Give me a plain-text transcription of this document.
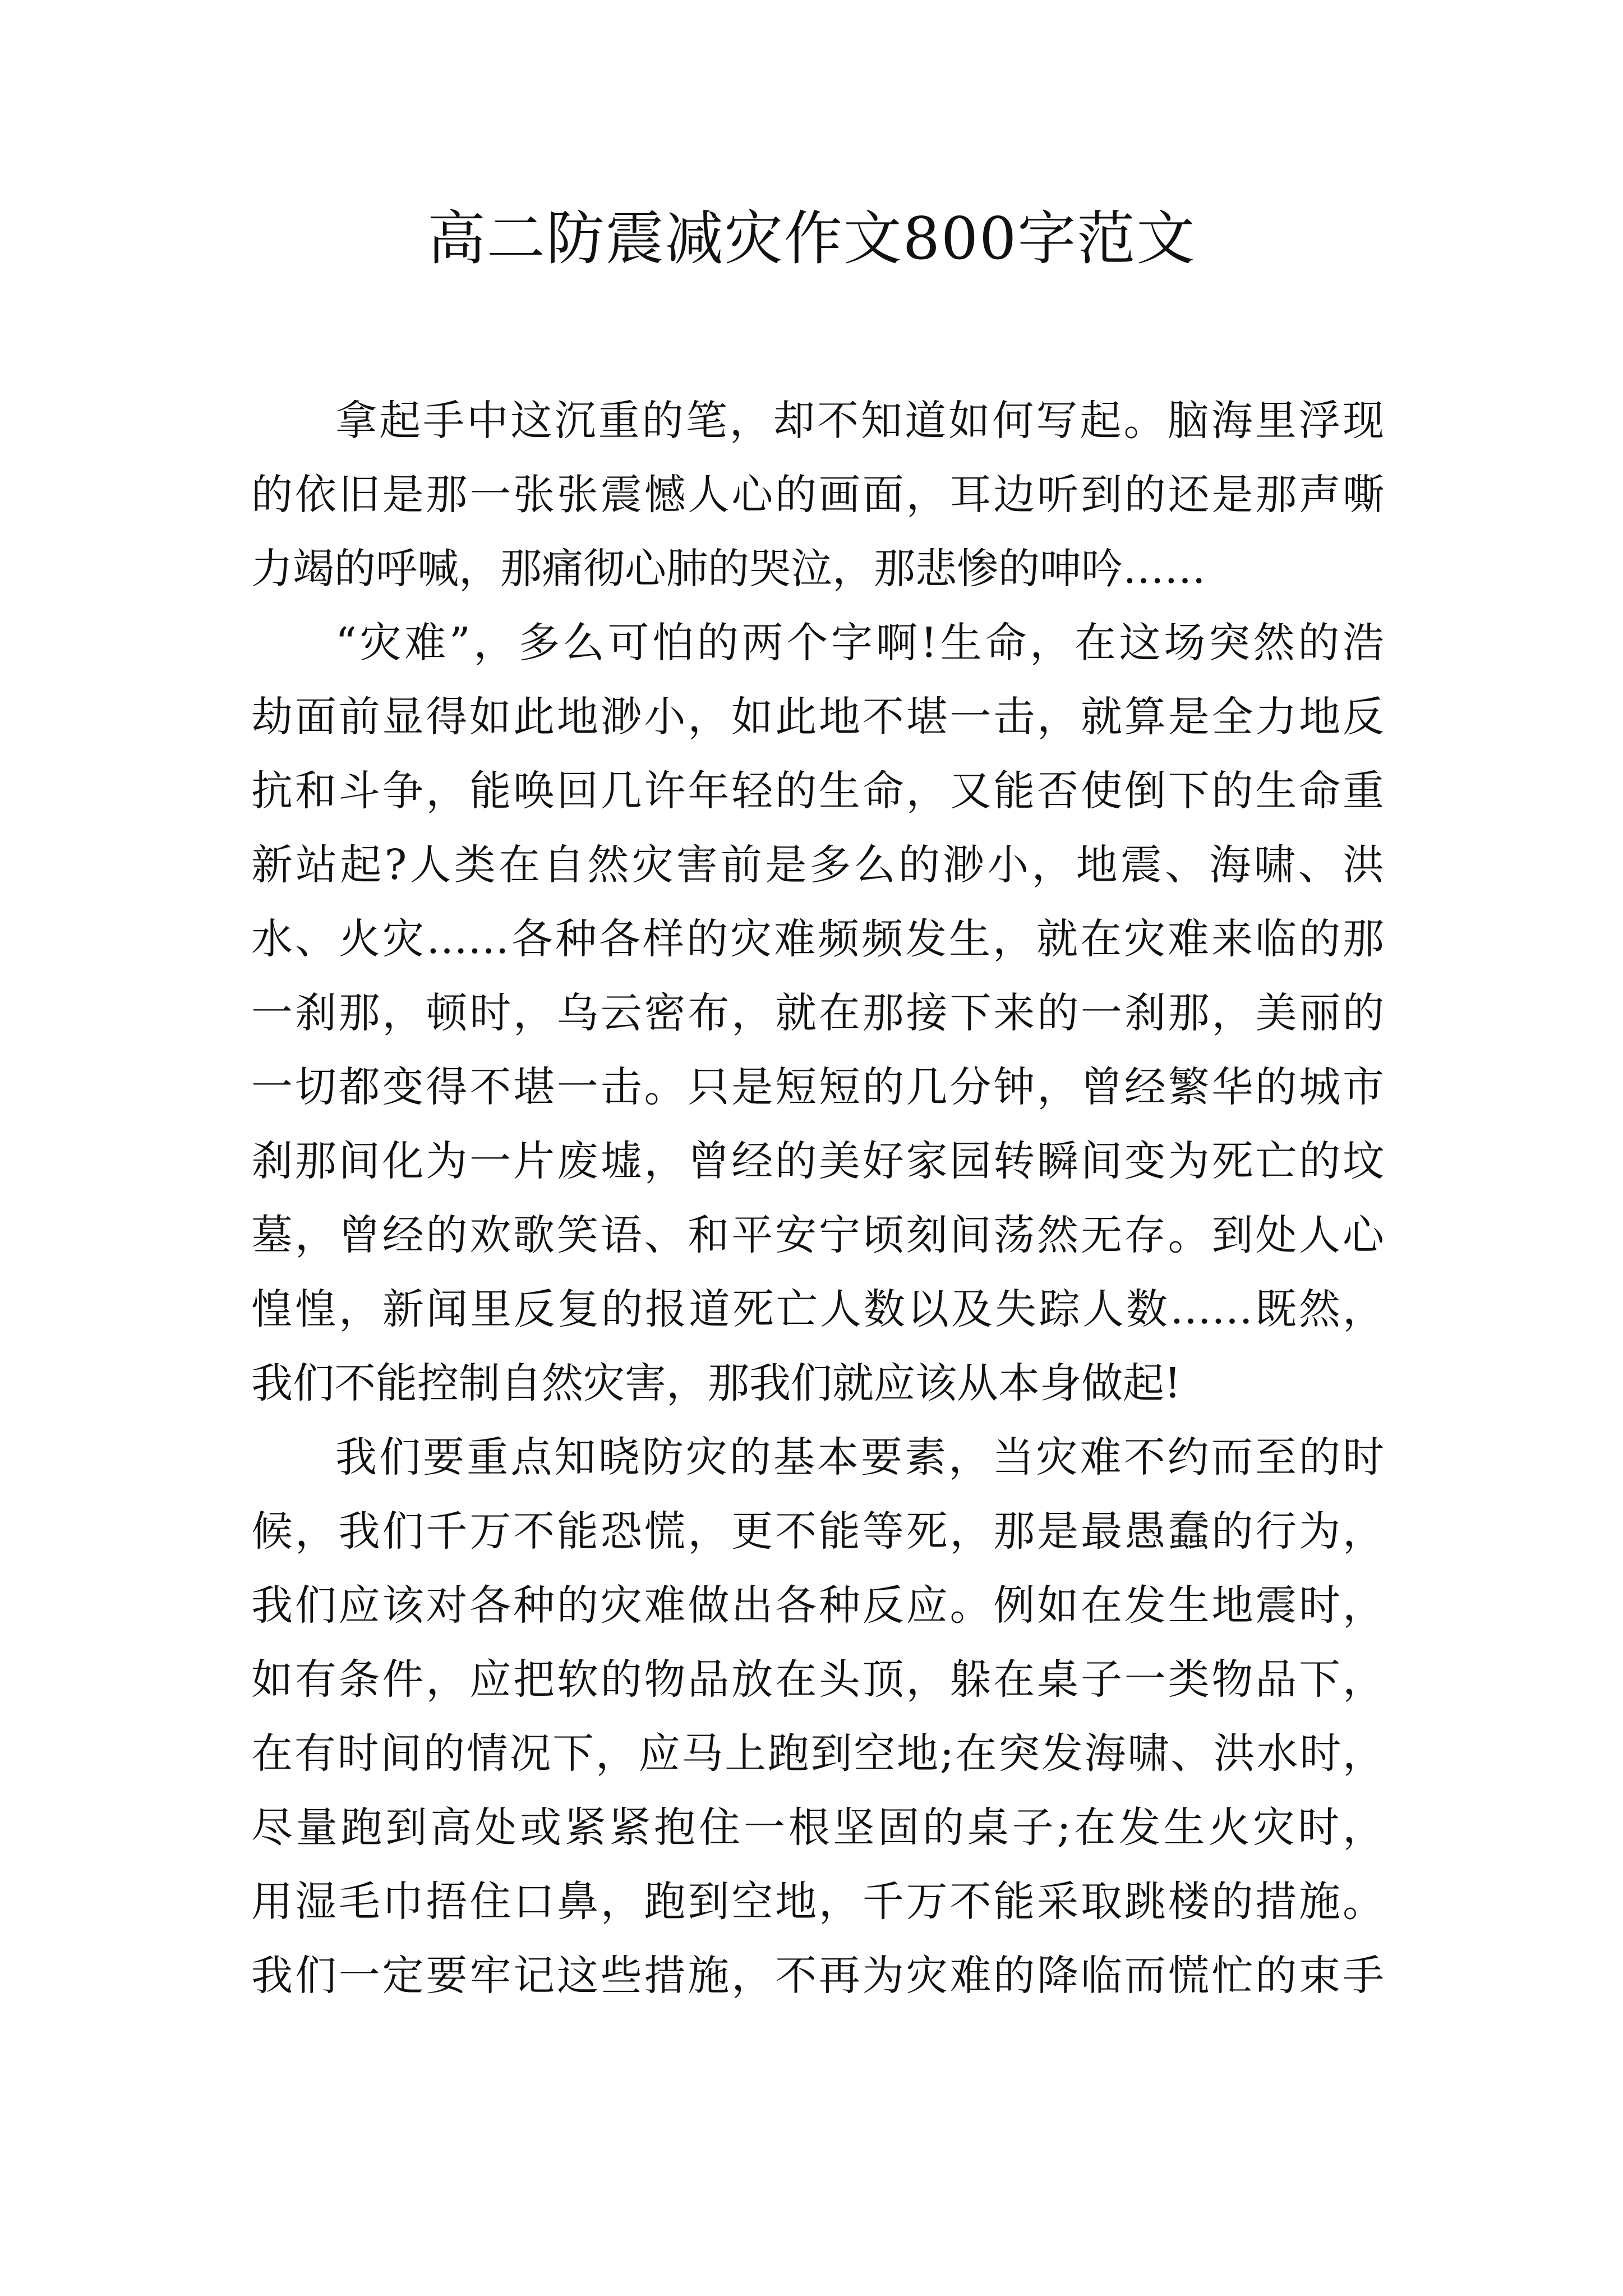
高二防震减灾作文800字范文
拿起手中这沉重的笔，却不知道如何写起。脑海里浮现
的依旧是那一张张震憾人心的画面，耳边听到的还是那声嘶
力竭的呼喊，那痛彻心肺的哭泣，那悲惨的呻吟……
“灾难”，多么可怕的两个字啊!生命，在这场突然的浩
劫面前显得如此地渺小，如此地不堪一击，就算是全力地反
抗和斗争，能唤回几许年轻的生命，又能否使倒下的生命重
新站起?人类在自然灾害前是多么的渺小，地震、海啸、洪
水、火灾……各种各样的灾难频频发生，就在灾难来临的那
一刹那，顿时，乌云密布，就在那接下来的一刹那，美丽的
一切都变得不堪一击。只是短短的几分钟，曾经繁华的城市
刹那间化为一片废墟，曾经的美好家园转瞬间变为死亡的坟
墓，曾经的欢歌笑语、和平安宁顷刻间荡然无存。到处人心
惶惶，新闻里反复的报道死亡人数以及失踪人数……既然，
我们不能控制自然灾害，那我们就应该从本身做起!
我们要重点知晓防灾的基本要素，当灾难不约而至的时
候，我们千万不能恐慌，更不能等死，那是最愚蠢的行为，
我们应该对各种的灾难做出各种反应。例如在发生地震时，
如有条件，应把软的物品放在头顶，躲在桌子一类物品下，
在有时间的情况下，应马上跑到空地;在突发海啸、洪水时，
尽量跑到高处或紧紧抱住一根坚固的桌子;在发生火灾时，
用湿毛巾捂住口鼻，跑到空地，千万不能采取跳楼的措施。
我们一定要牢记这些措施，不再为灾难的降临而慌忙的束手
